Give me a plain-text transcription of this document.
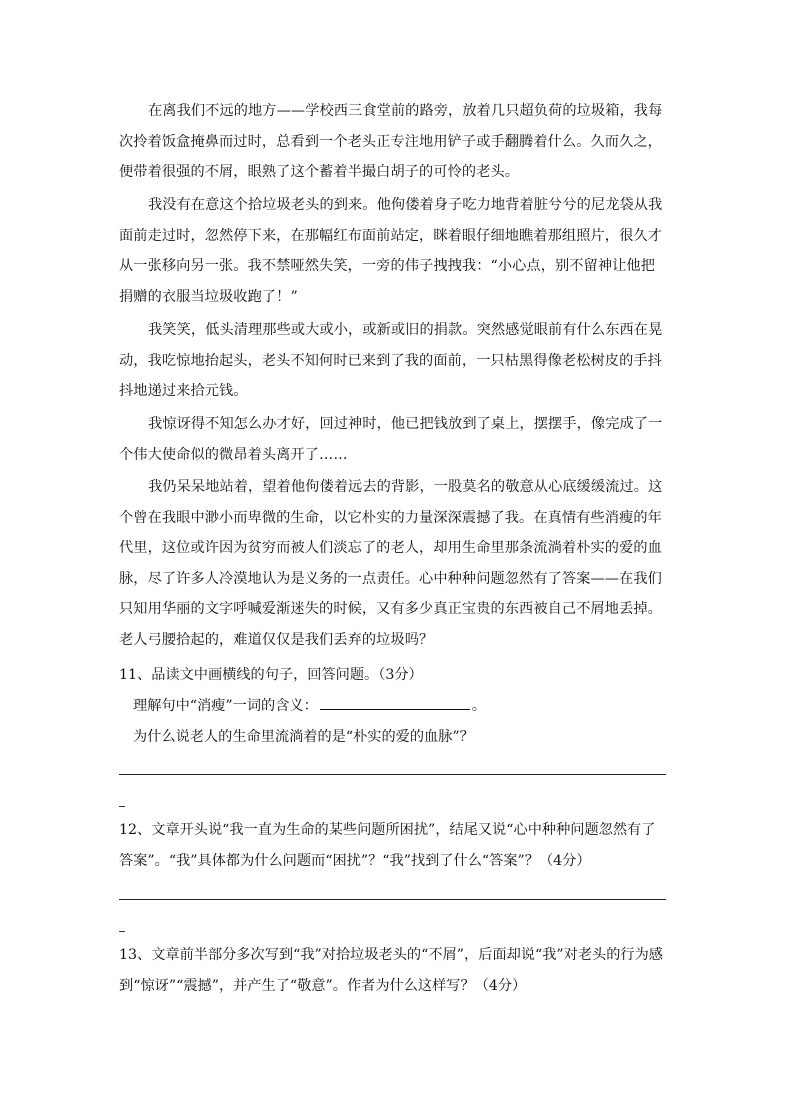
在离我们不远的地方——学校西三食堂前的路旁，放着几只超负荷的垃圾箱，我每次拎着饭盒掩鼻而过时，总看到一个老头正专注地用铲子或手翻腾着什么。久而久之，便带着很强的不屑，眼熟了这个蓄着半撮白胡子的可怜的老头。

我没有在意这个拾垃圾老头的到来。他佝偻着身子吃力地背着脏兮兮的尼龙袋从我面前走过时，忽然停下来，在那幅红布面前站定，眯着眼仔细地瞧着那组照片，很久才从一张移向另一张。我不禁哑然失笑，一旁的伟子拽拽我：“小心点，别不留神让他把捐赠的衣服当垃圾收跑了！”

我笑笑，低头清理那些或大或小，或新或旧的捐款。突然感觉眼前有什么东西在晃动，我吃惊地抬起头，老头不知何时已来到了我的面前，一只枯黑得像老松树皮的手抖抖地递过来拾元钱。

我惊讶得不知怎么办才好，回过神时，他已把钱放到了桌上，摆摆手，像完成了一个伟大使命似的微昂着头离开了……

我仍呆呆地站着，望着他佝偻着远去的背影，一股莫名的敬意从心底缓缓流过。这个曾在我眼中渺小而卑微的生命，以它朴实的力量深深震撼了我。在真情有些消瘦的年代里，这位或许因为贫穷而被人们淡忘了的老人，却用生命里那条流淌着朴实的爱的血脉，尽了许多人冷漠地认为是义务的一点责任。心中种种问题忽然有了答案——在我们只知用华丽的文字呼喊爱渐迷失的时候，又有多少真正宝贵的东西被自己不屑地丢掉。老人弓腰拾起的，难道仅仅是我们丢弃的垃圾吗？

11、品读文中画横线的句子，回答问题。（3分）

理解句中“消瘦”一词的含义：	。

为什么说老人的生命里流淌着的是“朴实的爱的血脉”？

12、文章开头说“我一直为生命的某些问题所困扰”，结尾又说“心中种种问题忽然有了答案”。“我”具体都为什么问题而“困扰”？“我”找到了什么“答案”？（4分）

13、文章前半部分多次写到“我”对拾垃圾老头的“不屑”，后面却说“我”对老头的行为感到“惊讶”“震撼”，并产生了“敬意”。作者为什么这样写？（4分）
